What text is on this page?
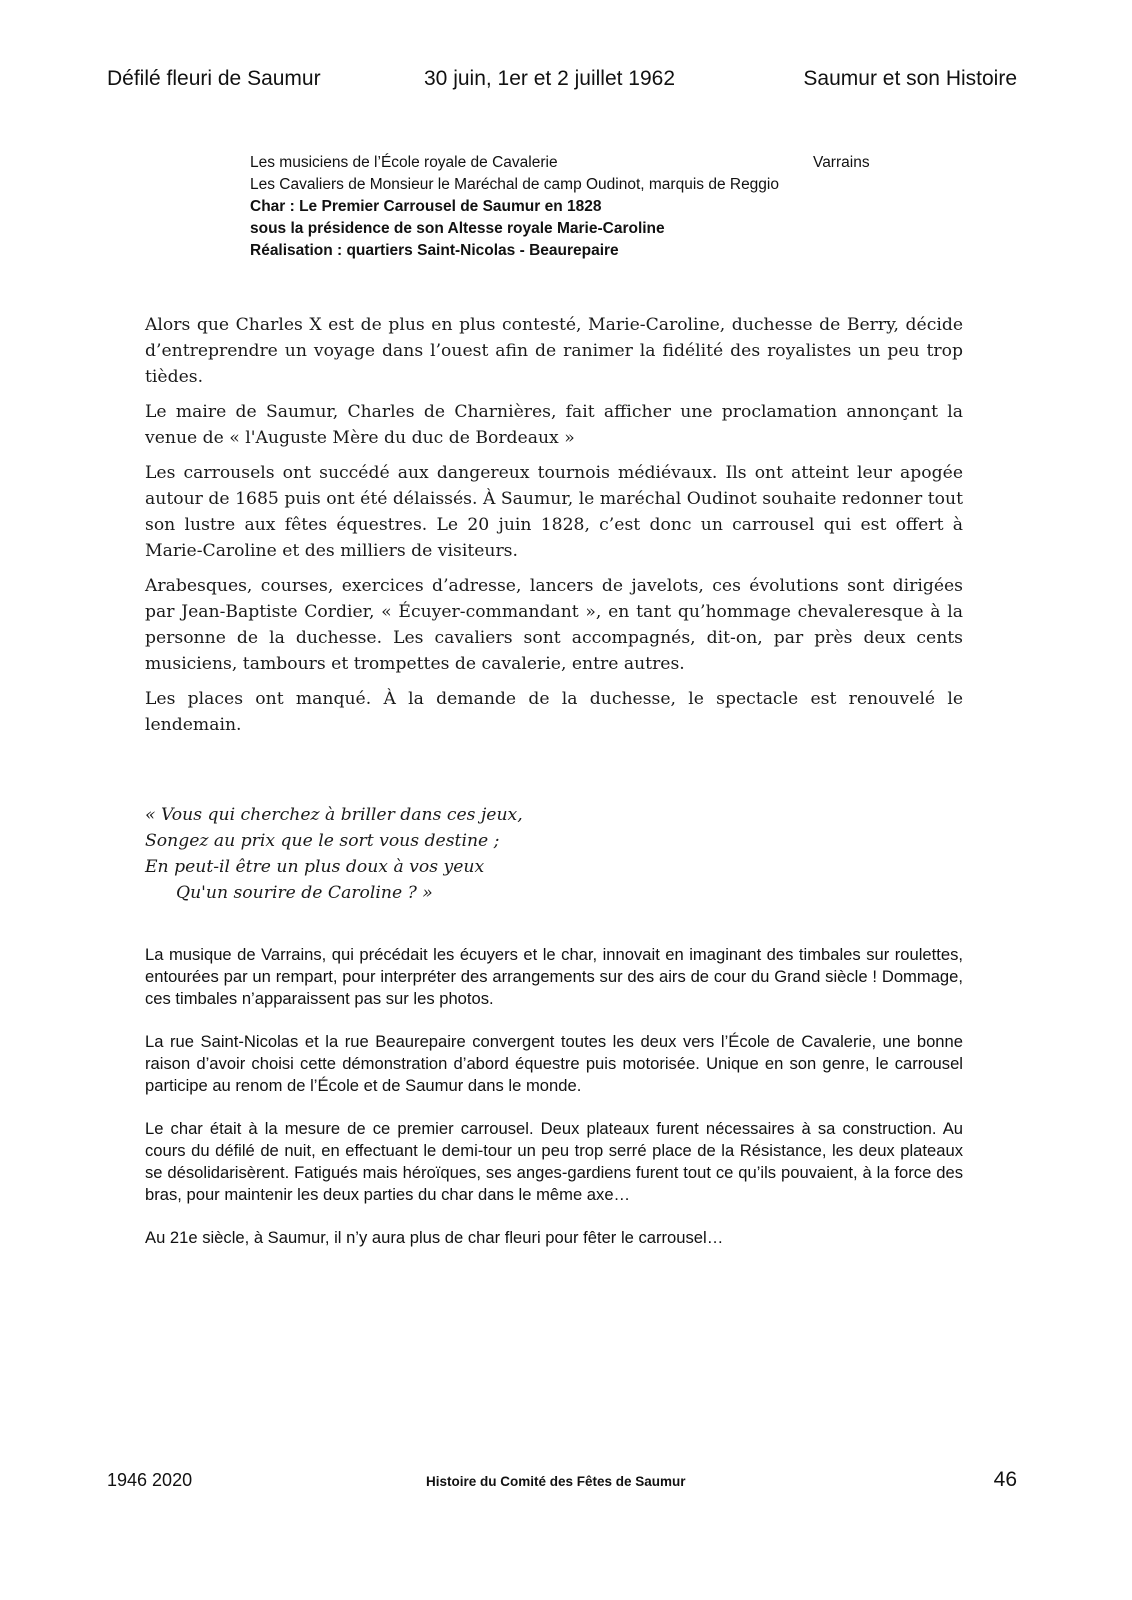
Défilé fleuri de Saumur	30 juin, 1er et 2 juillet 1962	Saumur et son Histoire
Les musiciens de l’École royale de Cavalerie	Varrains
Les Cavaliers de Monsieur le Maréchal de camp Oudinot, marquis de Reggio
Char : Le Premier Carrousel de Saumur en 1828
sous la présidence de son Altesse royale Marie-Caroline
Réalisation : quartiers Saint-Nicolas - Beaurepaire

Alors que Charles X est de plus en plus contesté, Marie-Caroline, duchesse de Berry, décide d’entreprendre un voyage dans l’ouest afin de ranimer la fidélité des royalistes un peu trop tièdes.

Le maire de Saumur, Charles de Charnières, fait afficher une proclamation annonçant la venue de « l'Auguste Mère du duc de Bordeaux »

Les carrousels ont succédé aux dangereux tournois médiévaux. Ils ont atteint leur apogée autour de 1685 puis ont été délaissés. À Saumur, le maréchal Oudinot souhaite redonner tout son lustre aux fêtes équestres. Le 20 juin 1828, c’est donc un carrousel qui est offert à Marie-Caroline et des milliers de visiteurs.

Arabesques, courses, exercices d’adresse, lancers de javelots, ces évolutions sont dirigées par Jean-Baptiste Cordier, « Écuyer-commandant », en tant qu’hommage chevaleresque à la personne de la duchesse. Les cavaliers sont accompagnés, dit-on, par près deux cents musiciens, tambours et trompettes de cavalerie, entre autres.

Les places ont manqué. À la demande de la duchesse, le spectacle est renouvelé le lendemain.

« Vous qui cherchez à briller dans ces jeux,
Songez au prix que le sort vous destine ;
En peut-il être un plus doux à vos yeux
Qu'un sourire de Caroline ? »

La musique de Varrains, qui précédait les écuyers et le char, innovait en imaginant des timbales sur roulettes, entourées par un rempart, pour interpréter des arrangements sur des airs de cour du Grand siècle ! Dommage, ces timbales n’apparaissent pas sur les photos.

La rue Saint-Nicolas et la rue Beaurepaire convergent toutes les deux vers l’École de Cavalerie, une bonne raison d’avoir choisi cette démonstration d’abord équestre puis motorisée. Unique en son genre, le carrousel participe au renom de l’École et de Saumur dans le monde.

Le char était à la mesure de ce premier carrousel. Deux plateaux furent nécessaires à sa construction. Au cours du défilé de nuit, en effectuant le demi-tour un peu trop serré place de la Résistance, les deux plateaux se désolidarisèrent. Fatigués mais héroïques, ses anges-gardiens furent tout ce qu’ils pouvaient, à la force des bras, pour maintenir les deux parties du char dans le même axe…

Au 21e siècle, à Saumur, il n’y aura plus de char fleuri pour fêter le carrousel…

1946 2020	Histoire du Comité des Fêtes de Saumur	46
